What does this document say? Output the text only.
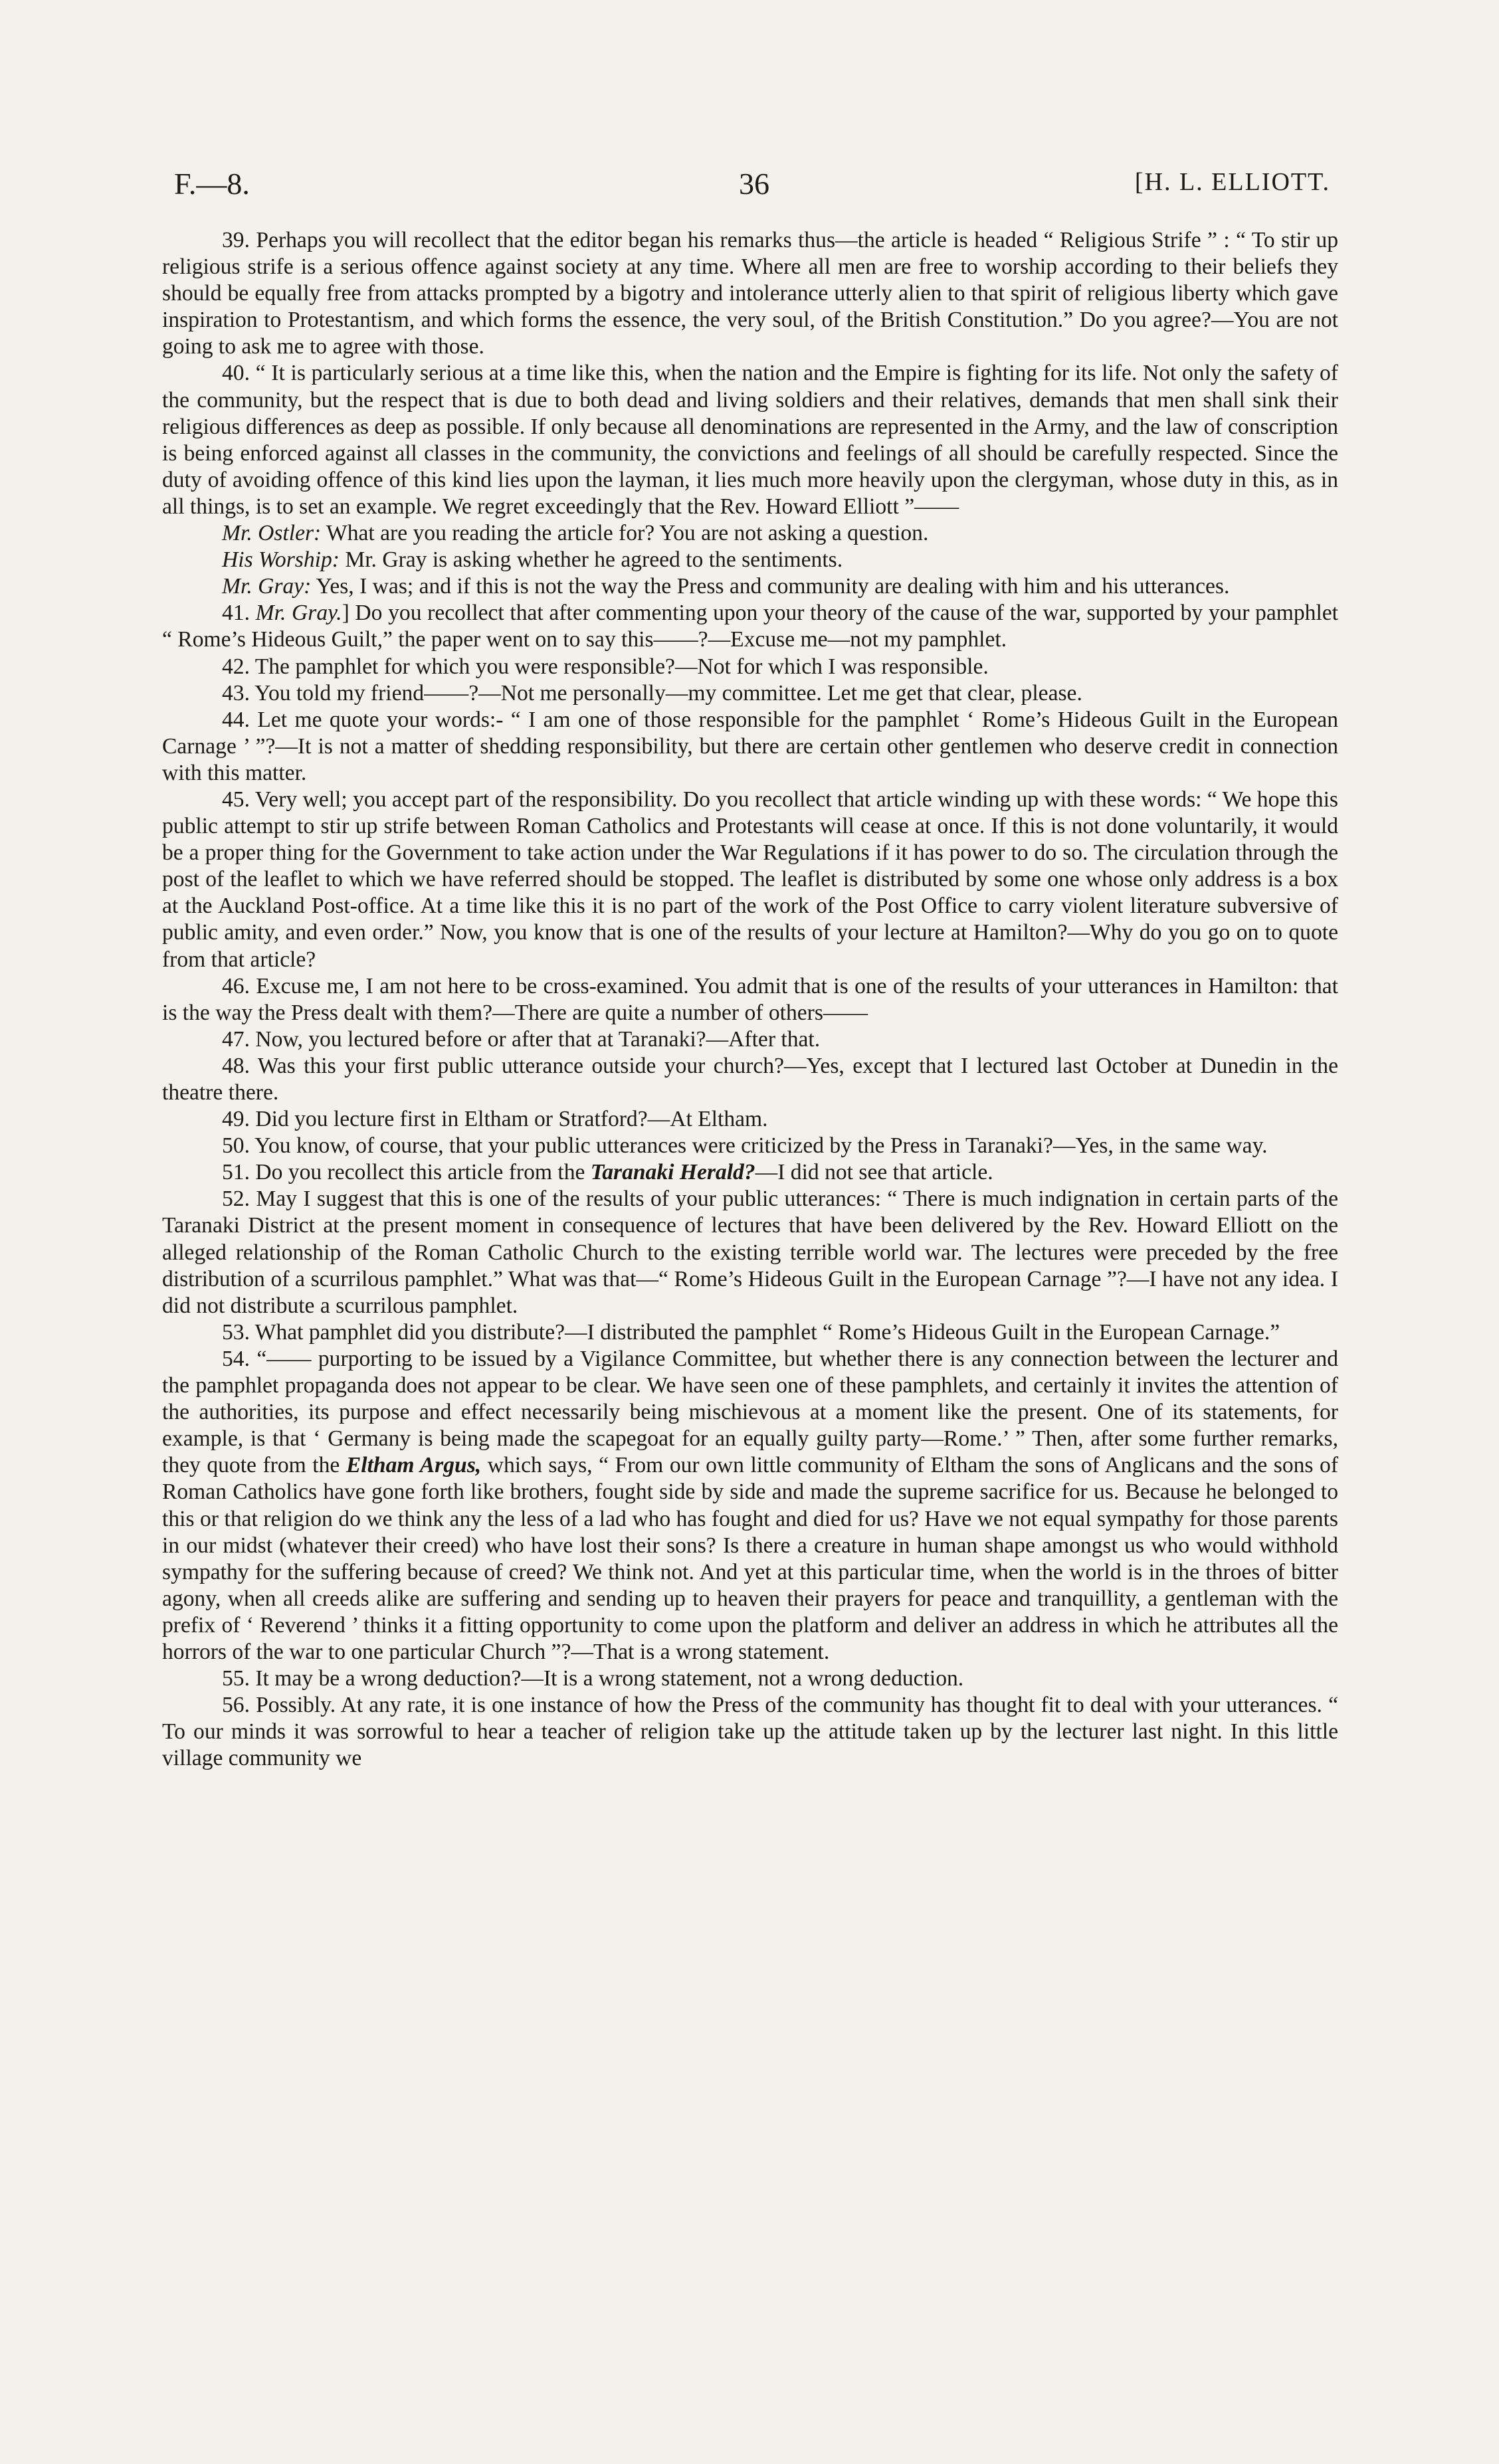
F.—8.	36	[H. L. ELLIOTT.

39. Perhaps you will recollect that the editor began his remarks thus—the article is headed “ Religious Strife ” : “ To stir up religious strife is a serious offence against society at any time. Where all men are free to worship according to their beliefs they should be equally free from attacks prompted by a bigotry and intolerance utterly alien to that spirit of religious liberty which gave inspiration to Protestantism, and which forms the essence, the very soul, of the British Constitution.” Do you agree?—You are not going to ask me to agree with those.

40. “ It is particularly serious at a time like this, when the nation and the Empire is fighting for its life. Not only the safety of the community, but the respect that is due to both dead and living soldiers and their relatives, demands that men shall sink their religious differences as deep as possible. If only because all denominations are represented in the Army, and the law of conscription is being enforced against all classes in the community, the convictions and feelings of all should be carefully respected. Since the duty of avoiding offence of this kind lies upon the layman, it lies much more heavily upon the clergyman, whose duty in this, as in all things, is to set an example. We regret exceedingly that the Rev. Howard Elliott ”——

Mr. Ostler: What are you reading the article for? You are not asking a question.

His Worship: Mr. Gray is asking whether he agreed to the sentiments.

Mr. Gray: Yes, I was; and if this is not the way the Press and community are dealing with him and his utterances.

41. Mr. Gray.] Do you recollect that after commenting upon your theory of the cause of the war, supported by your pamphlet “ Rome’s Hideous Guilt,” the paper went on to say this——?—Excuse me—not my pamphlet.

42. The pamphlet for which you were responsible?—Not for which I was responsible.

43. You told my friend——?—Not me personally—my committee. Let me get that clear, please.

44. Let me quote your words:- “ I am one of those responsible for the pamphlet ‘ Rome’s Hideous Guilt in the European Carnage ’ ”?—It is not a matter of shedding responsibility, but there are certain other gentlemen who deserve credit in connection with this matter.

45. Very well; you accept part of the responsibility. Do you recollect that article winding up with these words: “ We hope this public attempt to stir up strife between Roman Catholics and Protestants will cease at once. If this is not done voluntarily, it would be a proper thing for the Government to take action under the War Regulations if it has power to do so. The circulation through the post of the leaflet to which we have referred should be stopped. The leaflet is distributed by some one whose only address is a box at the Auckland Post-office. At a time like this it is no part of the work of the Post Office to carry violent literature subversive of public amity, and even order.” Now, you know that is one of the results of your lecture at Hamilton?—Why do you go on to quote from that article?

46. Excuse me, I am not here to be cross-examined. You admit that is one of the results of your utterances in Hamilton: that is the way the Press dealt with them?—There are quite a number of others——

47. Now, you lectured before or after that at Taranaki?—After that.

48. Was this your first public utterance outside your church?—Yes, except that I lectured last October at Dunedin in the theatre there.

49. Did you lecture first in Eltham or Stratford?—At Eltham.

50. You know, of course, that your public utterances were criticized by the Press in Taranaki?—Yes, in the same way.

51. Do you recollect this article from the Taranaki Herald?—I did not see that article.

52. May I suggest that this is one of the results of your public utterances: “ There is much indignation in certain parts of the Taranaki District at the present moment in consequence of lectures that have been delivered by the Rev. Howard Elliott on the alleged relationship of the Roman Catholic Church to the existing terrible world war. The lectures were preceded by the free distribution of a scurrilous pamphlet.” What was that—“ Rome’s Hideous Guilt in the European Carnage ”?—I have not any idea. I did not distribute a scurrilous pamphlet.

53. What pamphlet did you distribute?—I distributed the pamphlet “ Rome’s Hideous Guilt in the European Carnage.”

54. “—— purporting to be issued by a Vigilance Committee, but whether there is any connection between the lecturer and the pamphlet propaganda does not appear to be clear. We have seen one of these pamphlets, and certainly it invites the attention of the authorities, its purpose and effect necessarily being mischievous at a moment like the present. One of its statements, for example, is that ‘ Germany is being made the scapegoat for an equally guilty party—Rome.’ ” Then, after some further remarks, they quote from the Eltham Argus, which says, “ From our own little community of Eltham the sons of Anglicans and the sons of Roman Catholics have gone forth like brothers, fought side by side and made the supreme sacrifice for us. Because he belonged to this or that religion do we think any the less of a lad who has fought and died for us? Have we not equal sympathy for those parents in our midst (whatever their creed) who have lost their sons? Is there a creature in human shape amongst us who would withhold sympathy for the suffering because of creed? We think not. And yet at this particular time, when the world is in the throes of bitter agony, when all creeds alike are suffering and sending up to heaven their prayers for peace and tranquillity, a gentleman with the prefix of ‘ Reverend ’ thinks it a fitting opportunity to come upon the platform and deliver an address in which he attributes all the horrors of the war to one particular Church ”?—That is a wrong statement.

55. It may be a wrong deduction?—It is a wrong statement, not a wrong deduction.

56. Possibly. At any rate, it is one instance of how the Press of the community has thought fit to deal with your utterances. “ To our minds it was sorrowful to hear a teacher of religion take up the attitude taken up by the lecturer last night. In this little village community we
